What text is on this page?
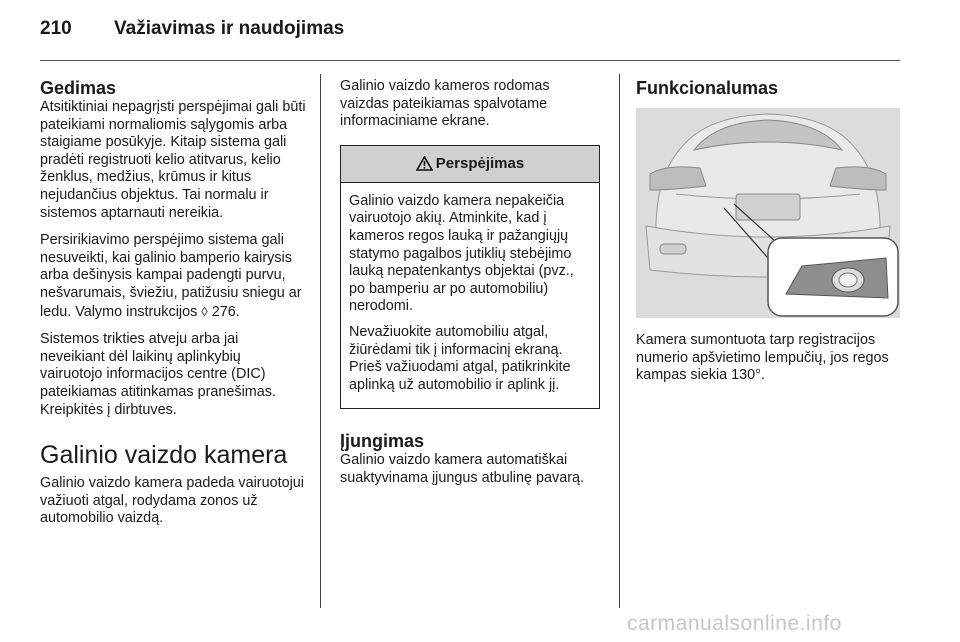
210 Važiavimas ir naudojimas
Gedimas

Atsitiktiniai nepagrįsti perspėjimai gali būti pateikiami normaliomis sąlygomis arba staigiame posūkyje. Kitaip sistema gali pradėti registruoti kelio atitvarus, kelio ženklus, medžius, krūmus ir kitus nejudančius objektus. Tai normalu ir sistemos aptarnauti nereikia.

Persirikiavimo perspėjimo sistema gali nesuveikti, kai galinio bamperio kairysis arba dešinysis kampai padengti purvu, nešvarumais, šviežiu, patižusiu sniegu ar ledu. Valymo instrukcijos ◊ 276.

Sistemos trikties atveju arba jai neveikiant dėl laikinų aplinkybių vairuotojo informacijos centre (DIC) pateikiamas atitinkamas pranešimas. Kreipkitės į dirbtuves.

Galinio vaizdo kamera

Galinio vaizdo kamera padeda vairuotojui važiuoti atgal, rodydama zonos už automobilio vaizdą.

Galinio vaizdo kameros rodomas vaizdas pateikiamas spalvotame informaciniame ekrane.

Perspėjimas

Galinio vaizdo kamera nepakeičia vairuotojo akių. Atminkite, kad į kameros regos lauką ir pažangiųjų statymo pagalbos jutiklių stebėjimo lauką nepatenkantys objektai (pvz., po bamperiu ar po automobiliu) nerodomi.

Nevažiuokite automobiliu atgal, žiūrėdami tik į informacinį ekraną. Prieš važiuodami atgal, patikrinkite aplinką už automobilio ir aplink jį.

Įjungimas

Galinio vaizdo kamera automatiškai suaktyvinama įjungus atbulinę pavarą.

Funkcionalumas

Kamera sumontuota tarp registracijos numerio apšvietimo lempučių, jos regos kampas siekia 130°.

carmanualsonline.info
